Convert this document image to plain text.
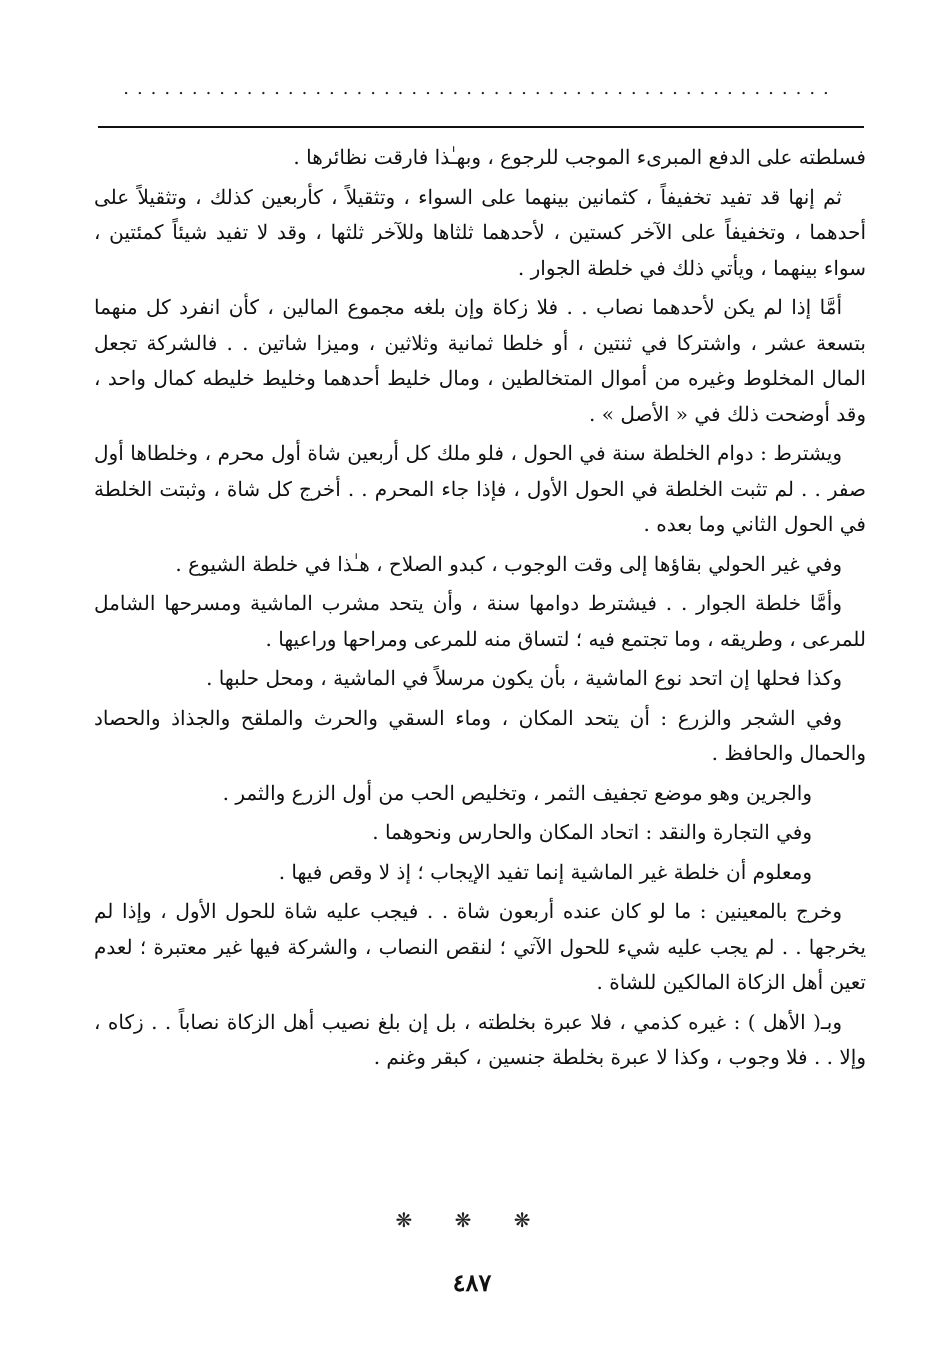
....................................................

فسلطته على الدفع المبرىء الموجب للرجوع ، وبهـٰذا فارقت نظائرها .

ثم إنها قد تفيد تخفيفاً ، كثمانين بينهما على السواء ، وتثقيلاً ، كأربعين كذلك ، وتثقيلاً على أحدهما ، وتخفيفاً على الآخر كستين ، لأحدهما ثلثاها وللآخر ثلثها ، وقد لا تفيد شيئاً كمئتين ، سواء بينهما ، ويأتي ذلك في خلطة الجوار .

أمَّا إذا لم يكن لأحدهما نصاب . . فلا زكاة وإن بلغه مجموع المالين ، كأن انفرد كل منهما بتسعة عشر ، واشتركا في ثنتين ، أو خلطا ثمانية وثلاثين ، وميزا شاتين . . فالشركة تجعل المال المخلوط وغيره من أموال المتخالطين ، ومال خليط أحدهما وخليط خليطه كمال واحد ، وقد أوضحت ذلك في « الأصل » .

ويشترط : دوام الخلطة سنة في الحول ، فلو ملك كل أربعين شاة أول محرم ، وخلطاها أول صفر . . لم تثبت الخلطة في الحول الأول ، فإذا جاء المحرم . . أخرج كل شاة ، وثبتت الخلطة في الحول الثاني وما بعده .

وفي غير الحولي بقاؤها إلى وقت الوجوب ، كبدو الصلاح ، هـٰذا في خلطة الشيوع .

وأمَّا خلطة الجوار . . فيشترط دوامها سنة ، وأن يتحد مشرب الماشية ومسرحها الشامل للمرعى ، وطريقه ، وما تجتمع فيه ؛ لتساق منه للمرعى ومراحها وراعيها .

وكذا فحلها إن اتحد نوع الماشية ، بأن يكون مرسلاً في الماشية ، ومحل حلبها .

وفي الشجر والزرع : أن يتحد المكان ، وماء السقي والحرث والملقح والجذاذ والحصاد والحمال والحافظ .

والجرين وهو موضع تجفيف الثمر ، وتخليص الحب من أول الزرع والثمر .

وفي التجارة والنقد : اتحاد المكان والحارس ونحوهما .

ومعلوم أن خلطة غير الماشية إنما تفيد الإيجاب ؛ إذ لا وقص فيها .

وخرج بالمعينين : ما لو كان عنده أربعون شاة . . فيجب عليه شاة للحول الأول ، وإذا لم يخرجها . . لم يجب عليه شيء للحول الآتي ؛ لنقص النصاب ، والشركة فيها غير معتبرة ؛ لعدم تعين أهل الزكاة المالكين للشاة .

وبـ( الأهل ) : غيره كذمي ، فلا عبرة بخلطته ، بل إن بلغ نصيب أهل الزكاة نصاباً . . زكاه ، وإلا . . فلا وجوب ، وكذا لا عبرة بخلطة جنسين ، كبقر وغنم .

❋ ❋ ❋
٤٨٧
